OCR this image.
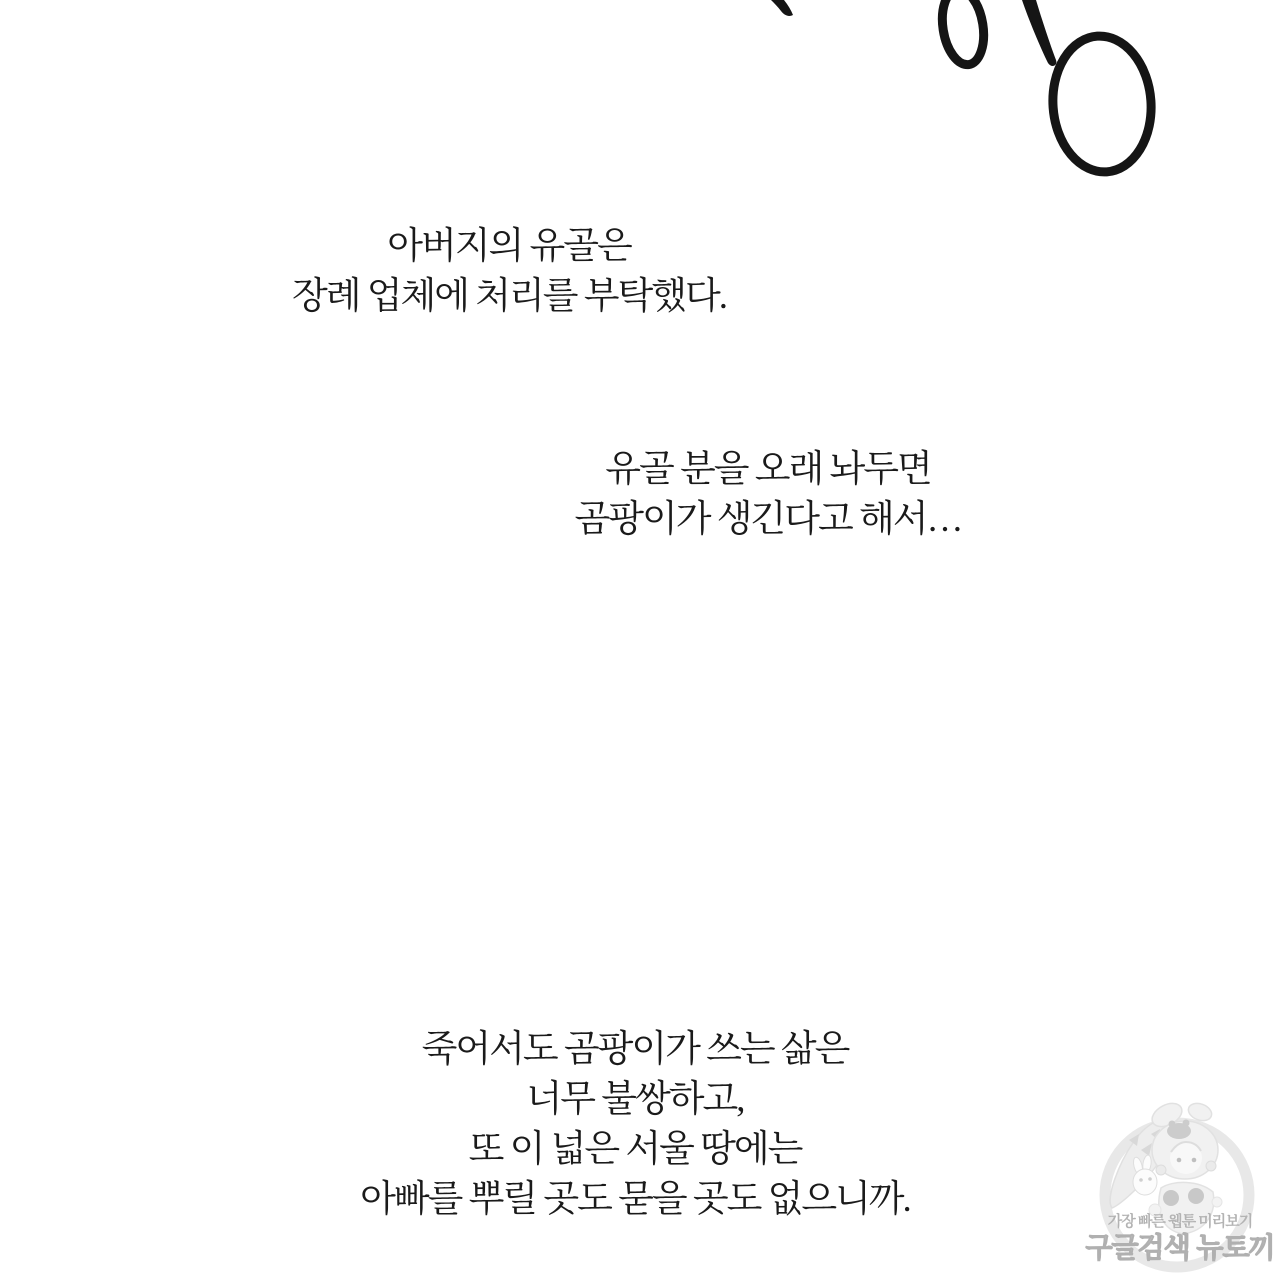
아버지의 유골은
장례 업체에 처리를 부탁했다.
유골 분을 오래 놔두면
곰팡이가 생긴다고 해서…
죽어서도 곰팡이가 쓰는 삶은
너무 불쌍하고,
또 이 넓은 서울 땅에는
아빠를 뿌릴 곳도 묻을 곳도 없으니까.
가장 빠른 웹툰 미리보기
구글검색 뉴토끼
